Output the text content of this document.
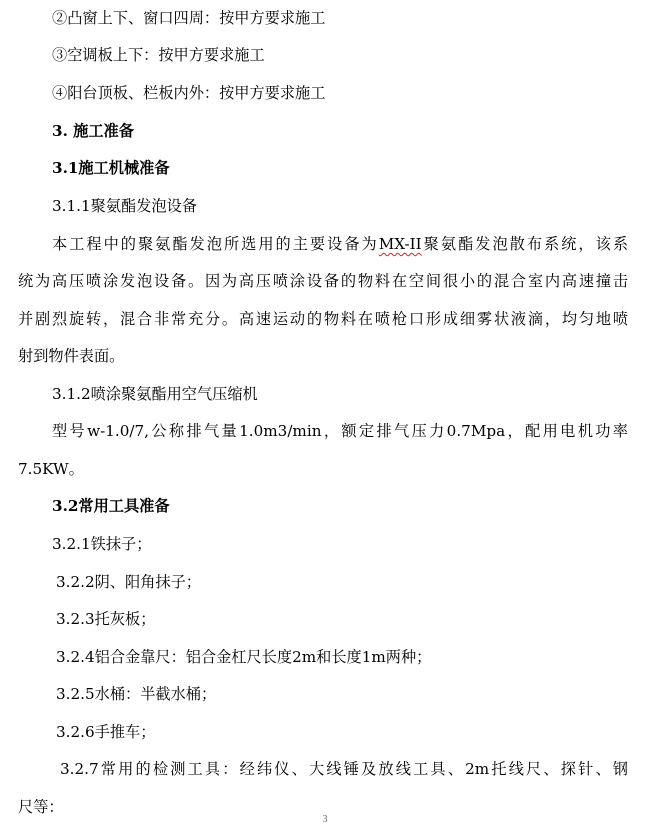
②凸窗上下、窗口四周：按甲方要求施工
③空调板上下：按甲方要求施工
④阳台顶板、栏板内外：按甲方要求施工
3. 施工准备
3.1施工机械准备
3.1.1聚氨酯发泡设备
本工程中的聚氨酯发泡所选用的主要设备为MX-II聚氨酯发泡散布系统，该系
统为高压喷涂发泡设备。因为高压喷涂设备的物料在空间很小的混合室内高速撞击
并剧烈旋转，混合非常充分。高速运动的物料在喷枪口形成细雾状液滴，均匀地喷
射到物件表面。
3.1.2喷涂聚氨酯用空气压缩机
型号w-1.0/7,公称排气量1.0m3/min，额定排气压力0.7Mpa，配用电机功率
7.5KW。
3.2常用工具准备
3.2.1铁抹子；
3.2.2阴、阳角抹子；
3.2.3托灰板；
3.2.4铝合金靠尺：铝合金杠尺长度2m和长度1m两种；
3.2.5水桶：半截水桶；
3.2.6手推车；
3.2.7常用的检测工具：经纬仪、大线锤及放线工具、2m托线尺、探针、钢
尺等：
3
